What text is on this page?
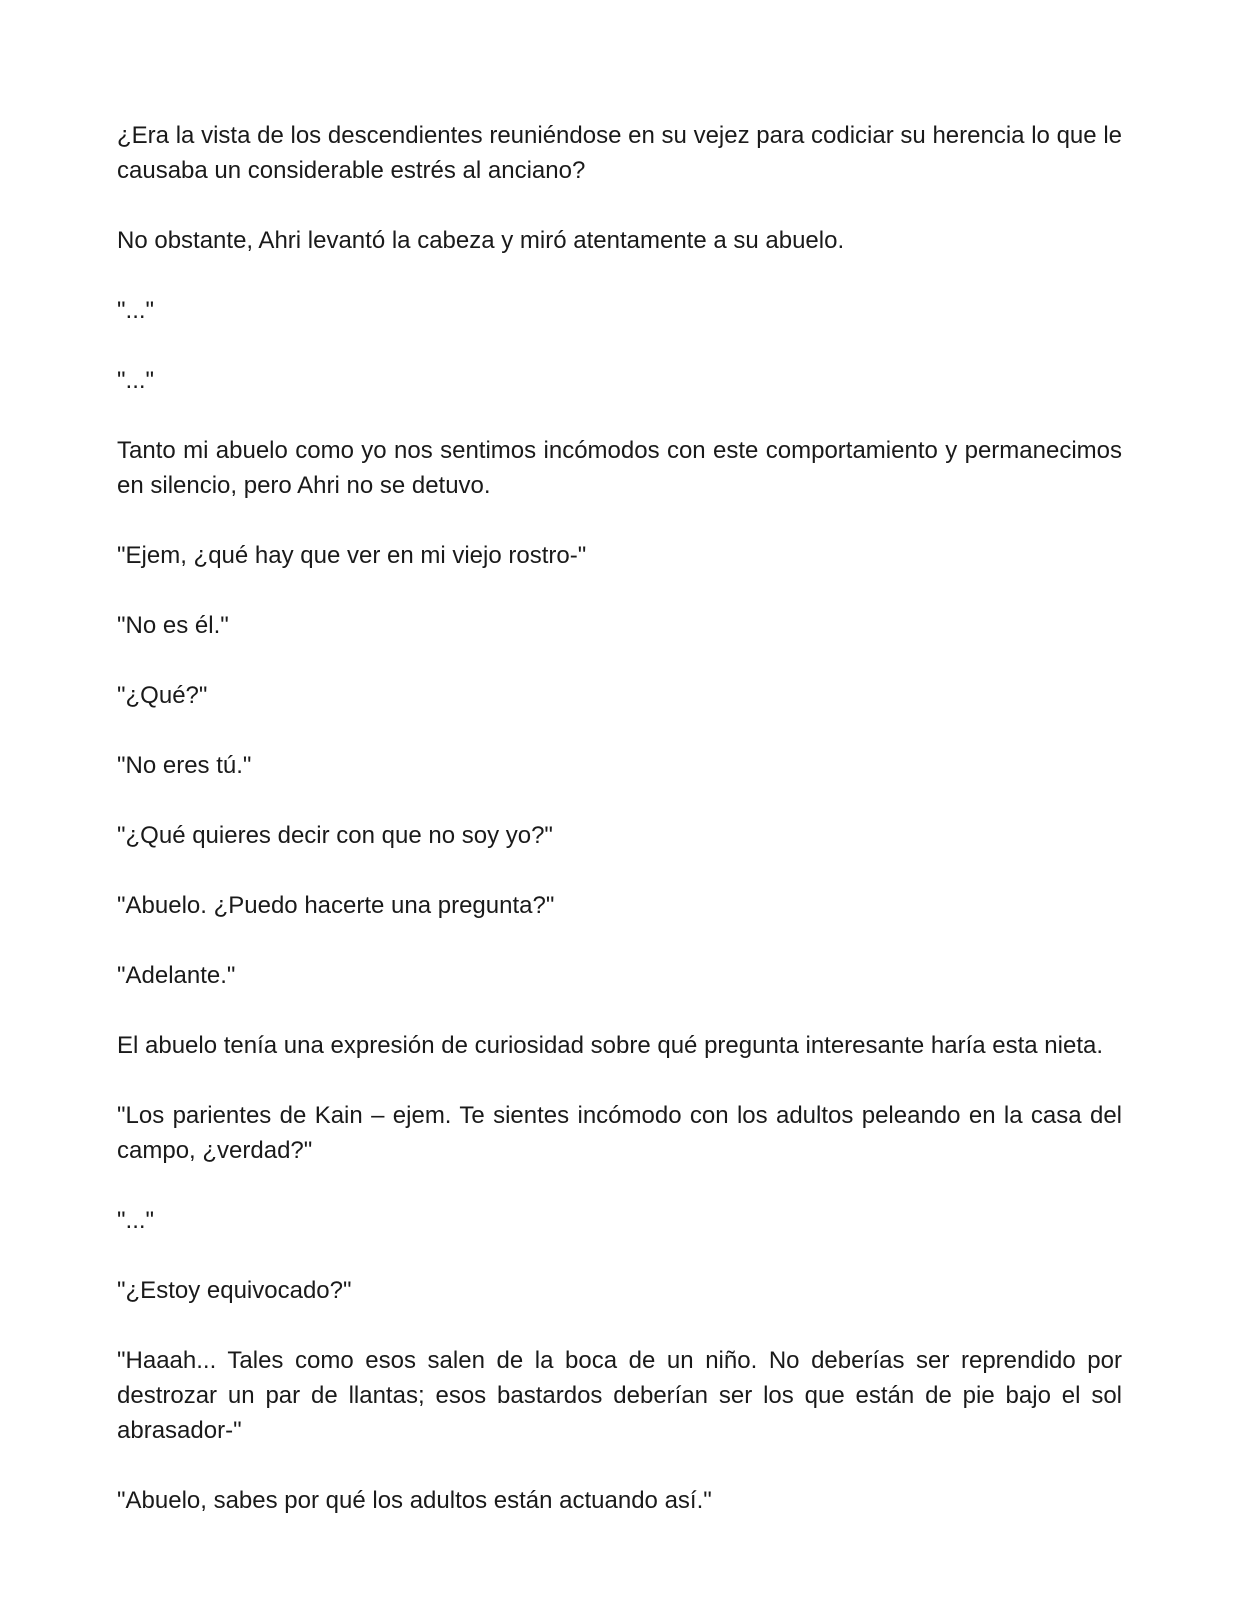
¿Era la vista de los descendientes reuniéndose en su vejez para codiciar su herencia lo que le causaba un considerable estrés al anciano?

No obstante, Ahri levantó la cabeza y miró atentamente a su abuelo.

"..."

"..."

Tanto mi abuelo como yo nos sentimos incómodos con este comportamiento y permanecimos en silencio, pero Ahri no se detuvo.

"Ejem, ¿qué hay que ver en mi viejo rostro-"

"No es él."

"¿Qué?"

"No eres tú."

"¿Qué quieres decir con que no soy yo?"

"Abuelo. ¿Puedo hacerte una pregunta?"

"Adelante."

El abuelo tenía una expresión de curiosidad sobre qué pregunta interesante haría esta nieta.

"Los parientes de Kain – ejem. Te sientes incómodo con los adultos peleando en la casa del campo, ¿verdad?"

"..."

"¿Estoy equivocado?"

"Haaah... Tales como esos salen de la boca de un niño. No deberías ser reprendido por destrozar un par de llantas; esos bastardos deberían ser los que están de pie bajo el sol abrasador-"

"Abuelo, sabes por qué los adultos están actuando así."
